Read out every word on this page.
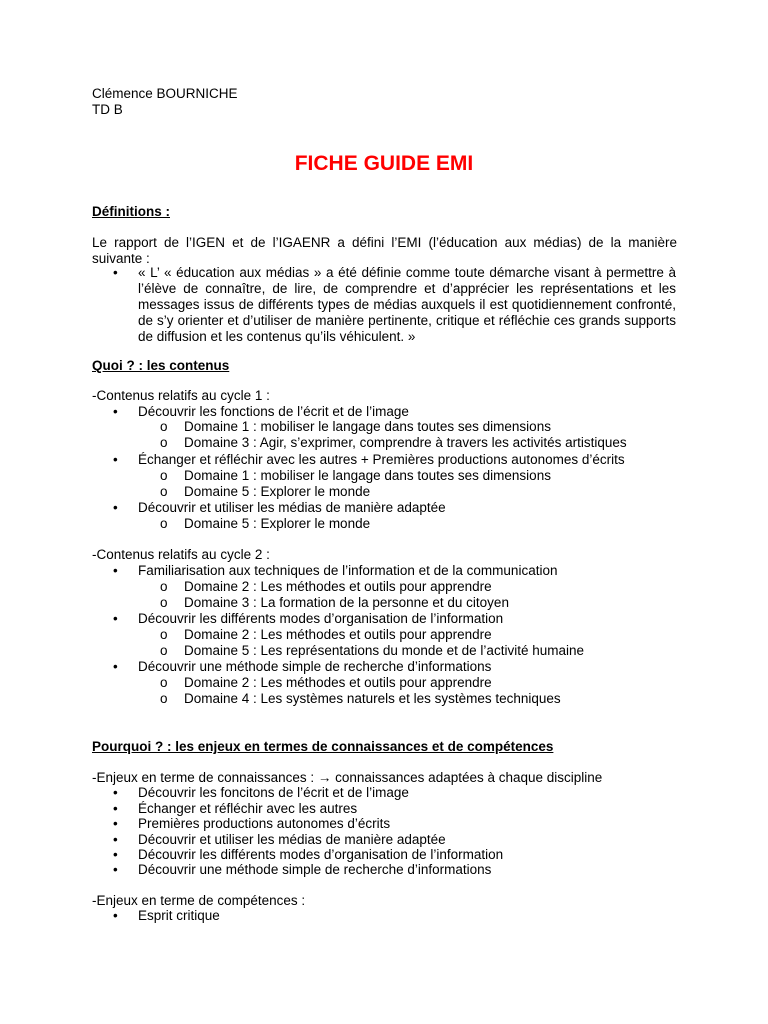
Clémence BOURNICHE
TD B
FICHE GUIDE EMI
Définitions :
Le rapport de l’IGEN et de l’IGAENR a défini l’EMI (l’éducation aux médias) de la manière suivante :
• « L’ « éducation aux médias » a été définie comme toute démarche visant à permettre à l’élève de connaître, de lire, de comprendre et d’apprécier les représentations et les messages issus de différents types de médias auxquels il est quotidiennement confronté, de s’y orienter et d’utiliser de manière pertinente, critique et réfléchie ces grands supports de diffusion et les contenus qu’ils véhiculent. »
Quoi ? : les contenus
-Contenus relatifs au cycle 1 :
• Découvrir les fonctions de l’écrit et de l’image
o Domaine 1 : mobiliser le langage dans toutes ses dimensions
o Domaine 3 : Agir, s’exprimer, comprendre à travers les activités artistiques
• Échanger et réfléchir avec les autres + Premières productions autonomes d’écrits
o Domaine 1 : mobiliser le langage dans toutes ses dimensions
o Domaine 5 : Explorer le monde
• Découvrir et utiliser les médias de manière adaptée
o Domaine 5 : Explorer le monde
-Contenus relatifs au cycle 2 :
• Familiarisation aux techniques de l’information et de la communication
o Domaine 2 : Les méthodes et outils pour apprendre
o Domaine 3 : La formation de la personne et du citoyen
• Découvrir les différents modes d’organisation de l’information
o Domaine 2 : Les méthodes et outils pour apprendre
o Domaine 5 : Les représentations du monde et de l’activité humaine
• Découvrir une méthode simple de recherche d’informations
o Domaine 2 : Les méthodes et outils pour apprendre
o Domaine 4 : Les systèmes naturels et les systèmes techniques
Pourquoi ? : les enjeux en termes de connaissances et de compétences
-Enjeux en terme de connaissances : → connaissances adaptées à chaque discipline
• Découvrir les foncitons de l’écrit et de l’image
• Échanger et réfléchir avec les autres
• Premières productions autonomes d’écrits
• Découvrir et utiliser les médias de manière adaptée
• Découvrir les différents modes d’organisation de l’information
• Découvrir une méthode simple de recherche d’informations
-Enjeux en terme de compétences :
• Esprit critique
